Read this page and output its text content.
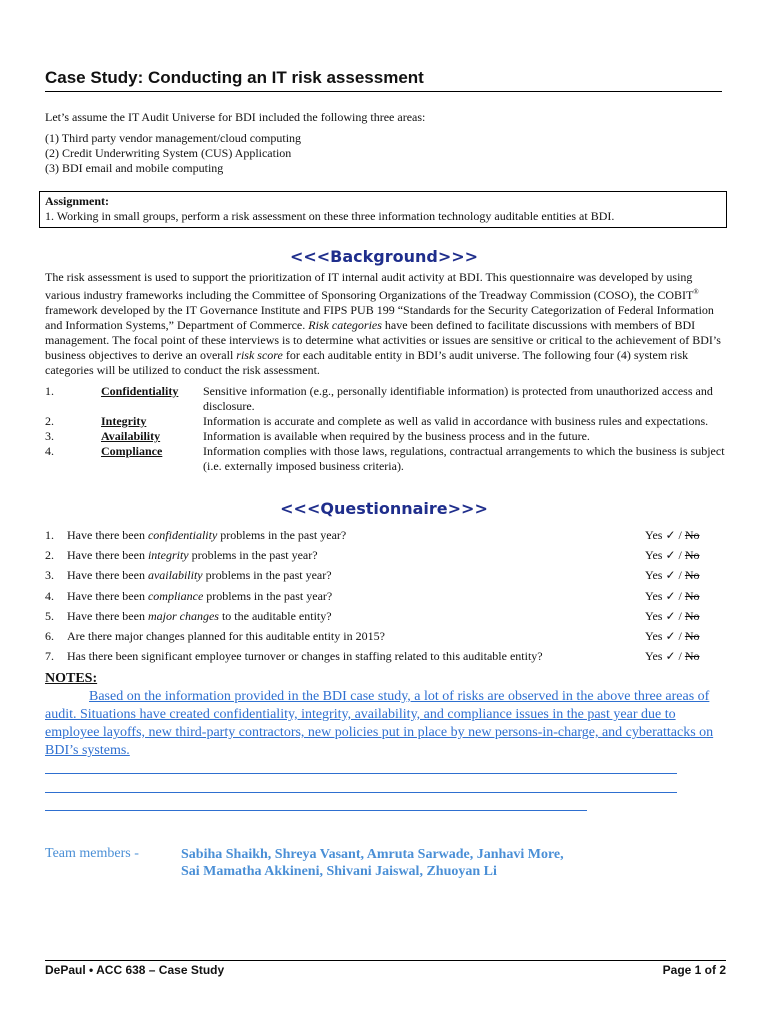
Case Study: Conducting an IT risk assessment
Let’s assume the IT Audit Universe for BDI included the following three areas:
(1) Third party vendor management/cloud computing
(2) Credit Underwriting System (CUS) Application
(3) BDI email and mobile computing
Assignment:
1. Working in small groups, perform a risk assessment on these three information technology auditable entities at BDI.
<<<Background>>>
The risk assessment is used to support the prioritization of IT internal audit activity at BDI. This questionnaire was developed by using various industry frameworks including the Committee of Sponsoring Organizations of the Treadway Commission (COSO), the COBIT® framework developed by the IT Governance Institute and FIPS PUB 199 “Standards for the Security Categorization of Federal Information and Information Systems,” Department of Commerce. Risk categories have been defined to facilitate discussions with members of BDI management. The focal point of these interviews is to determine what activities or issues are sensitive or critical to the achievement of BDI’s business objectives to derive an overall risk score for each auditable entity in BDI’s audit universe. The following four (4) system risk categories will be utilized to conduct the risk assessment.
1.	Confidentiality	Sensitive information (e.g., personally identifiable information) is protected from unauthorized access and disclosure.
2.	Integrity	Information is accurate and complete as well as valid in accordance with business rules and expectations.
3.	Availability	Information is available when required by the business process and in the future.
4.	Compliance	Information complies with those laws, regulations, contractual arrangements to which the business is subject (i.e. externally imposed business criteria).
<<<Questionnaire>>>
1.	Have there been confidentiality problems in the past year?	Yes ✓ / No
2.	Have there been integrity problems in the past year?	Yes ✓ / No
3.	Have there been availability problems in the past year?	Yes ✓ / No
4.	Have there been compliance problems in the past year?	Yes ✓ / No
5.	Have there been major changes to the auditable entity?	Yes ✓ / No
6.	Are there major changes planned for this auditable entity in 2015?	Yes ✓ / No
7.	Has there been significant employee turnover or changes in staffing related to this auditable entity?	Yes ✓ / No
NOTES:
Based on the information provided in the BDI case study, a lot of risks are observed in the above three areas of audit. Situations have created confidentiality, integrity, availability, and compliance issues in the past year due to employee layoffs, new third-party contractors, new policies put in place by new persons-in-charge, and cyberattacks on BDI’s systems.
Team members -	Sabiha Shaikh, Shreya Vasant, Amruta Sarwade, Janhavi More,
Sai Mamatha Akkineni, Shivani Jaiswal, Zhuoyan Li
DePaul • ACC 638 – Case Study	Page 1 of 2
